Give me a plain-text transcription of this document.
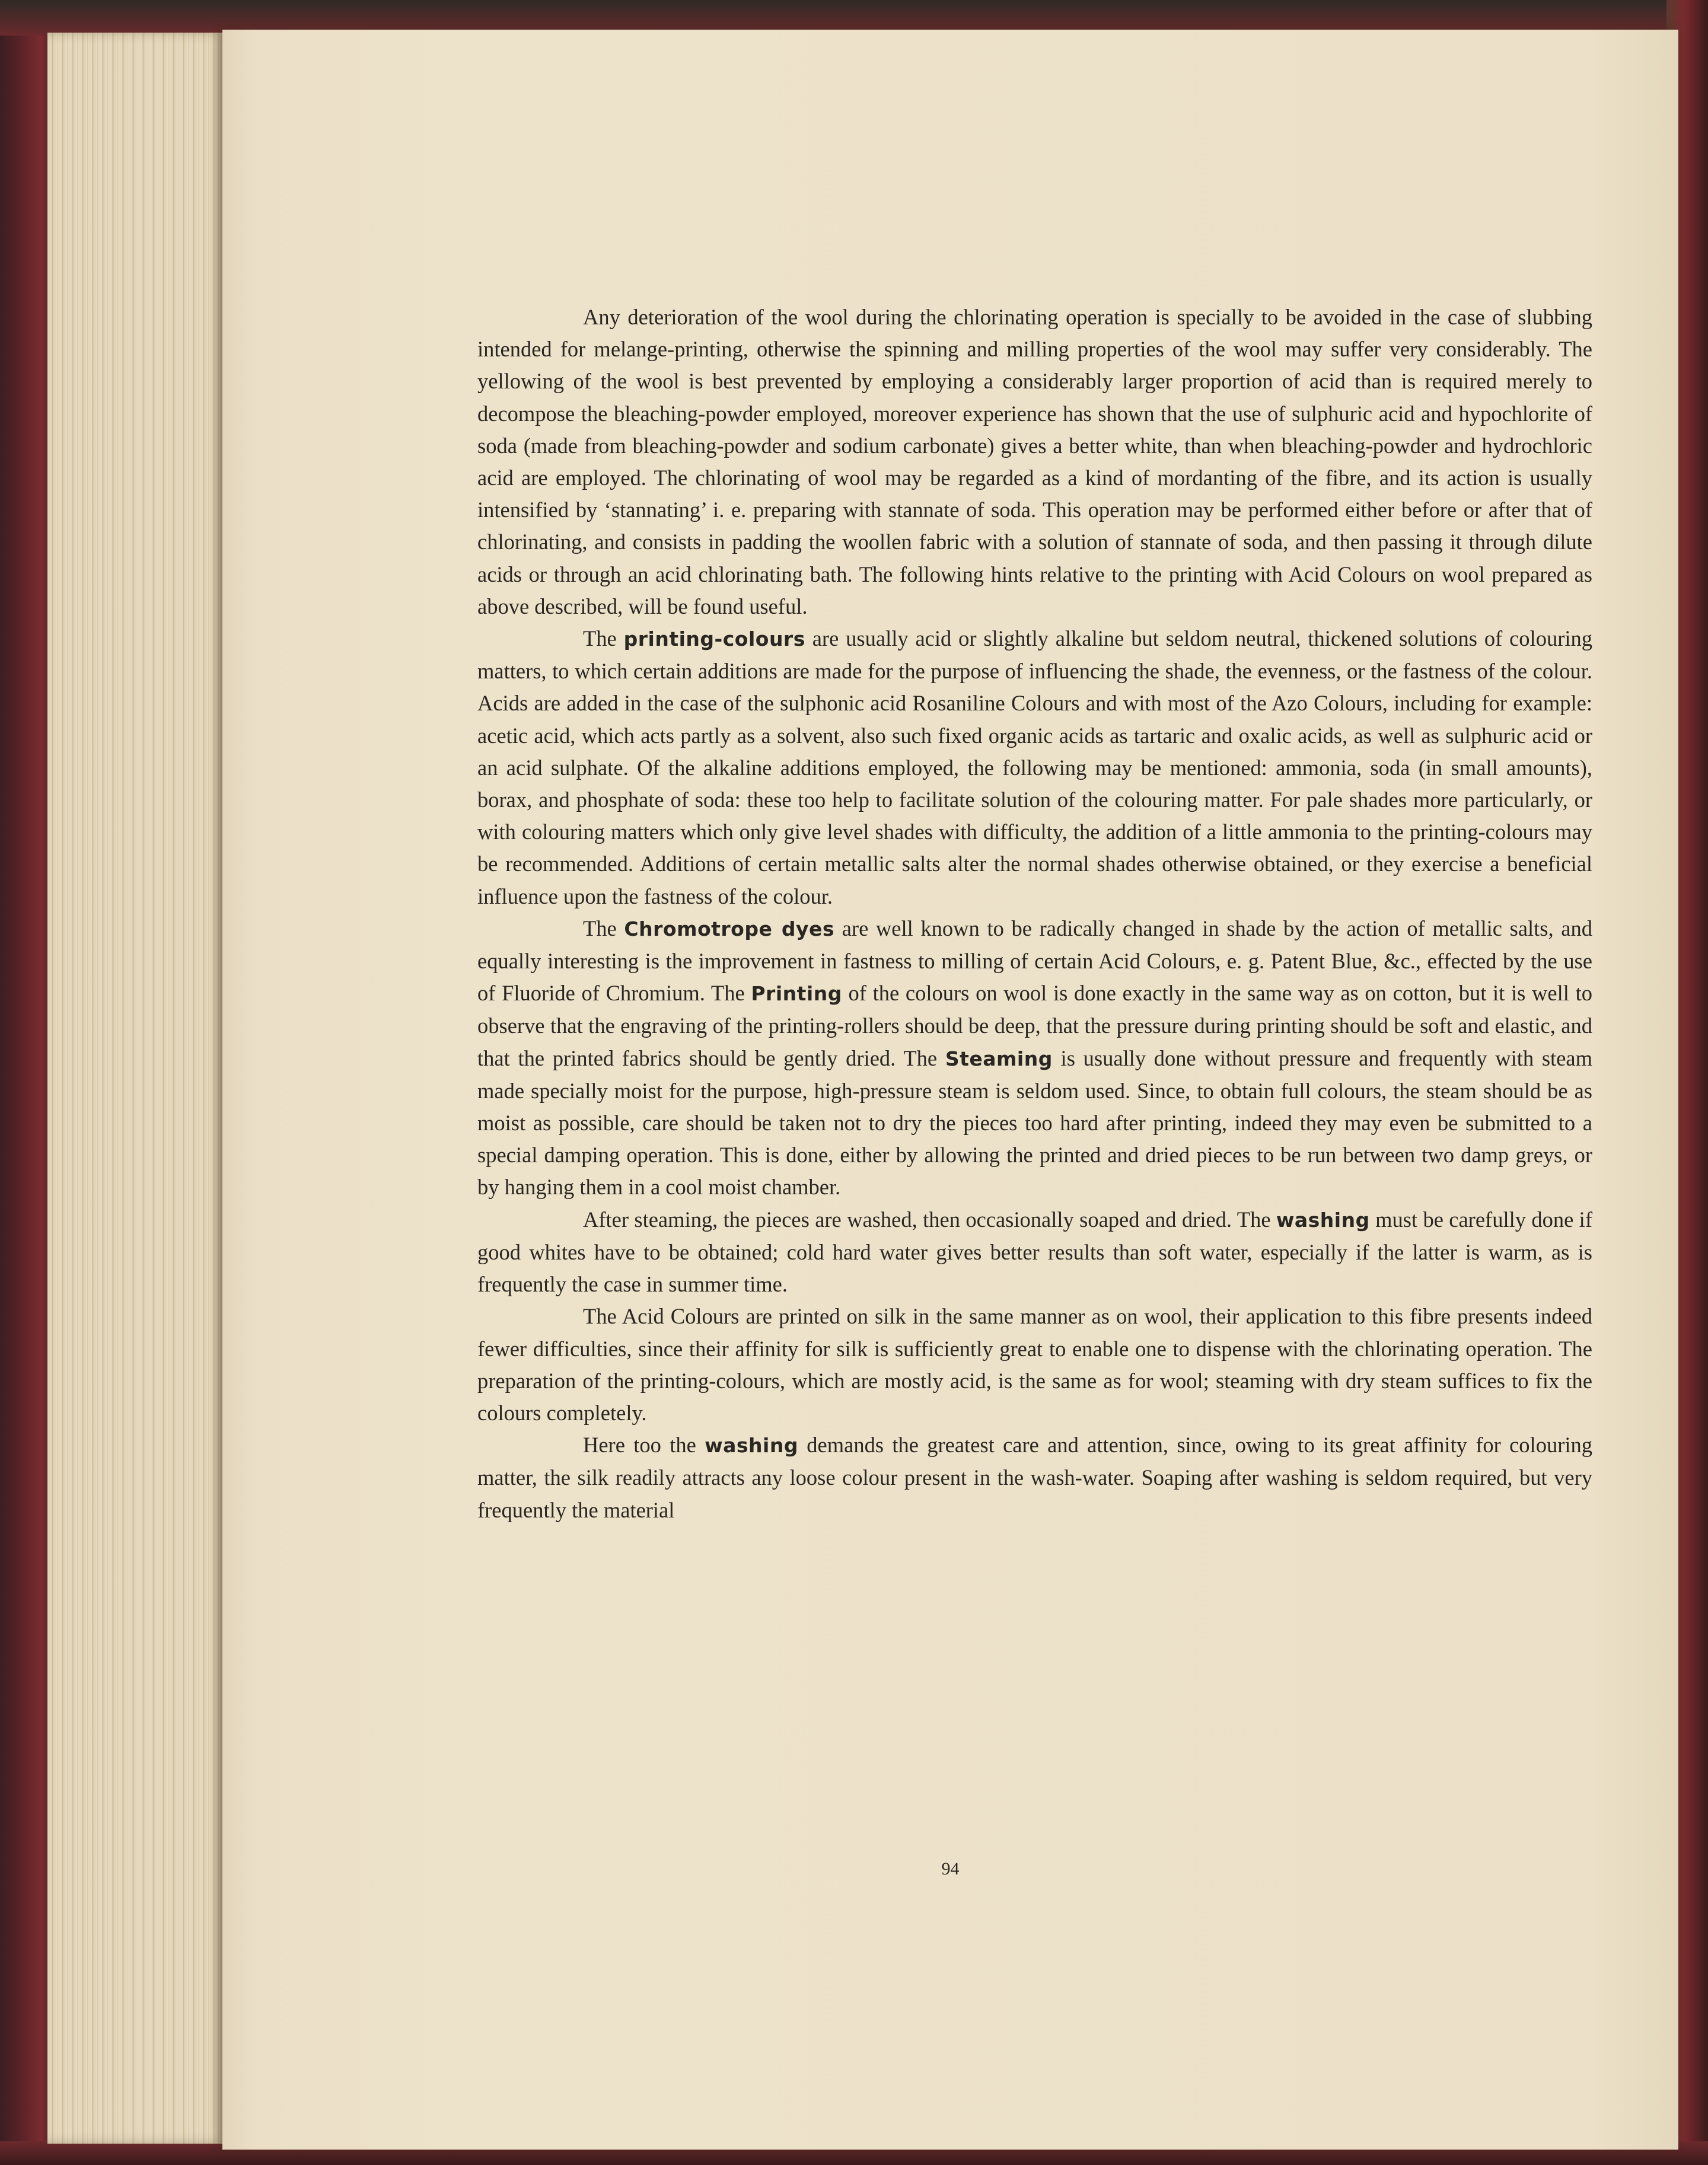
Any deterioration of the wool during the chlorinating operation is specially to be avoided in the case of slubbing intended for melange-printing, otherwise the spinning and milling properties of the wool may suffer very considerably. The yellowing of the wool is best prevented by employing a considerably larger proportion of acid than is required merely to decompose the bleaching-powder employed, moreover experience has shown that the use of sulphuric acid and hypochlorite of soda (made from bleaching-powder and sodium carbonate) gives a better white, than when bleaching-powder and hydrochloric acid are employed. The chlorinating of wool may be regarded as a kind of mordanting of the fibre, and its action is usually intensified by ‘stannating’ i. e. preparing with stannate of soda. This operation may be performed either before or after that of chlorinating, and consists in padding the woollen fabric with a solution of stannate of soda, and then passing it through dilute acids or through an acid chlorinating bath. The following hints relative to the printing with Acid Colours on wool prepared as above described, will be found useful.

The printing-colours are usually acid or slightly alkaline but seldom neutral, thickened solutions of colouring matters, to which certain additions are made for the purpose of influencing the shade, the evenness, or the fastness of the colour. Acids are added in the case of the sulphonic acid Rosaniline Colours and with most of the Azo Colours, including for example: acetic acid, which acts partly as a solvent, also such fixed organic acids as tartaric and oxalic acids, as well as sulphuric acid or an acid sulphate. Of the alkaline additions employed, the following may be mentioned: ammonia, soda (in small amounts), borax, and phosphate of soda: these too help to facilitate solution of the colouring matter. For pale shades more particularly, or with colouring matters which only give level shades with difficulty, the addition of a little ammonia to the printing-colours may be recommended. Additions of certain metallic salts alter the normal shades otherwise obtained, or they exercise a beneficial influence upon the fastness of the colour.

The Chromotrope dyes are well known to be radically changed in shade by the action of metallic salts, and equally interesting is the improvement in fastness to milling of certain Acid Colours, e. g. Patent Blue, &c., effected by the use of Fluoride of Chromium. The Printing of the colours on wool is done exactly in the same way as on cotton, but it is well to observe that the engraving of the printing-rollers should be deep, that the pressure during printing should be soft and elastic, and that the printed fabrics should be gently dried. The Steaming is usually done without pressure and frequently with steam made specially moist for the purpose, high-pressure steam is seldom used. Since, to obtain full colours, the steam should be as moist as possible, care should be taken not to dry the pieces too hard after printing, indeed they may even be submitted to a special damping operation. This is done, either by allowing the printed and dried pieces to be run between two damp greys, or by hanging them in a cool moist chamber.

After steaming, the pieces are washed, then occasionally soaped and dried. The washing must be carefully done if good whites have to be obtained; cold hard water gives better results than soft water, especially if the latter is warm, as is frequently the case in summer time.

The Acid Colours are printed on silk in the same manner as on wool, their application to this fibre presents indeed fewer difficulties, since their affinity for silk is sufficiently great to enable one to dispense with the chlorinating operation. The preparation of the printing-colours, which are mostly acid, is the same as for wool; steaming with dry steam suffices to fix the colours completely.

Here too the washing demands the greatest care and attention, since, owing to its great affinity for colouring matter, the silk readily attracts any loose colour present in the wash-water. Soaping after washing is seldom required, but very frequently the material

94
